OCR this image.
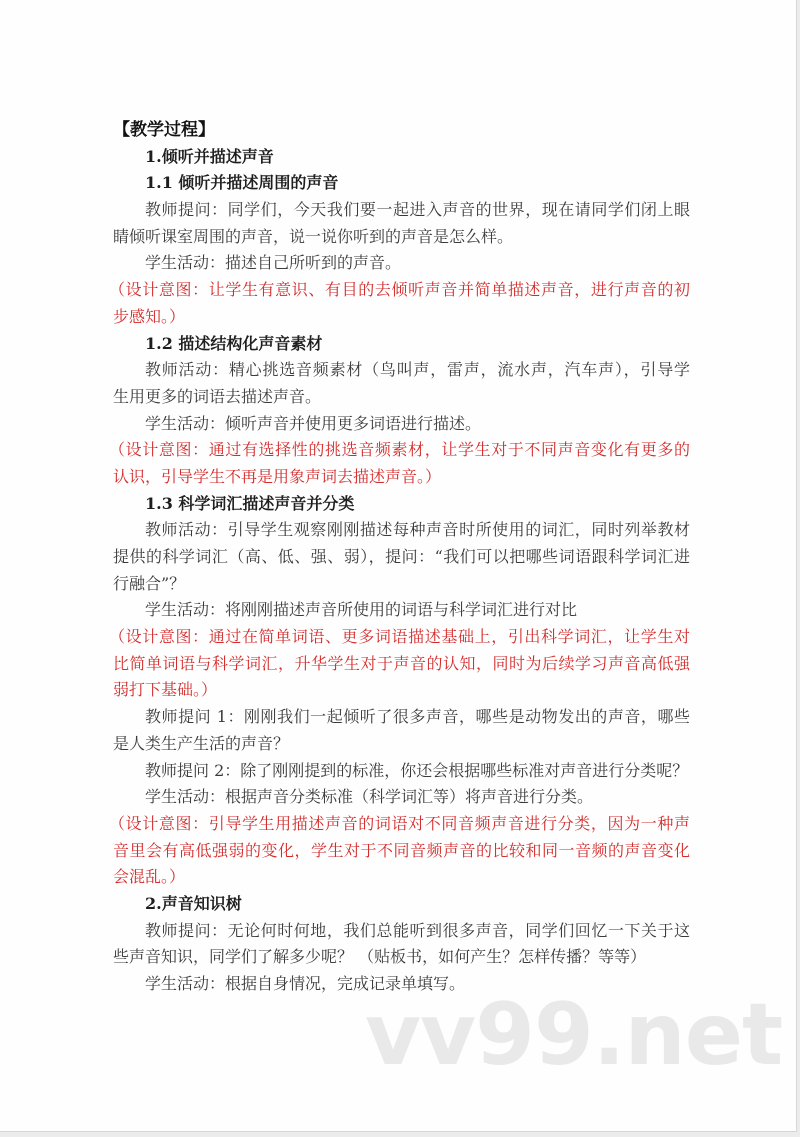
【教学过程】
1.倾听并描述声音
1.1 倾听并描述周围的声音
教师提问：同学们，今天我们要一起进入声音的世界，现在请同学们闭上眼
睛倾听课室周围的声音，说一说你听到的声音是怎么样。
学生活动：描述自己所听到的声音。
（设计意图：让学生有意识、有目的去倾听声音并简单描述声音，进行声音的初
步感知。）
1.2 描述结构化声音素材
教师活动：精心挑选音频素材（鸟叫声，雷声，流水声，汽车声），引导学
生用更多的词语去描述声音。
学生活动：倾听声音并使用更多词语进行描述。
（设计意图：通过有选择性的挑选音频素材，让学生对于不同声音变化有更多的
认识，引导学生不再是用象声词去描述声音。）
1.3 科学词汇描述声音并分类
教师活动：引导学生观察刚刚描述每种声音时所使用的词汇，同时列举教材
提供的科学词汇（高、低、强、弱），提问：“我们可以把哪些词语跟科学词汇进
行融合”？
学生活动：将刚刚描述声音所使用的词语与科学词汇进行对比
（设计意图：通过在简单词语、更多词语描述基础上，引出科学词汇，让学生对
比简单词语与科学词汇，升华学生对于声音的认知，同时为后续学习声音高低强
弱打下基础。）
教师提问 1：刚刚我们一起倾听了很多声音，哪些是动物发出的声音，哪些
是人类生产生活的声音？
教师提问 2：除了刚刚提到的标准，你还会根据哪些标准对声音进行分类呢？
学生活动：根据声音分类标准（科学词汇等）将声音进行分类。
（设计意图：引导学生用描述声音的词语对不同音频声音进行分类，因为一种声
音里会有高低强弱的变化，学生对于不同音频声音的比较和同一音频的声音变化
会混乱。）
2.声音知识树
教师提问：无论何时何地，我们总能听到很多声音，同学们回忆一下关于这
些声音知识，同学们了解多少呢？ （贴板书，如何产生？怎样传播？等等）
学生活动：根据自身情况，完成记录单填写。
vv99.net
